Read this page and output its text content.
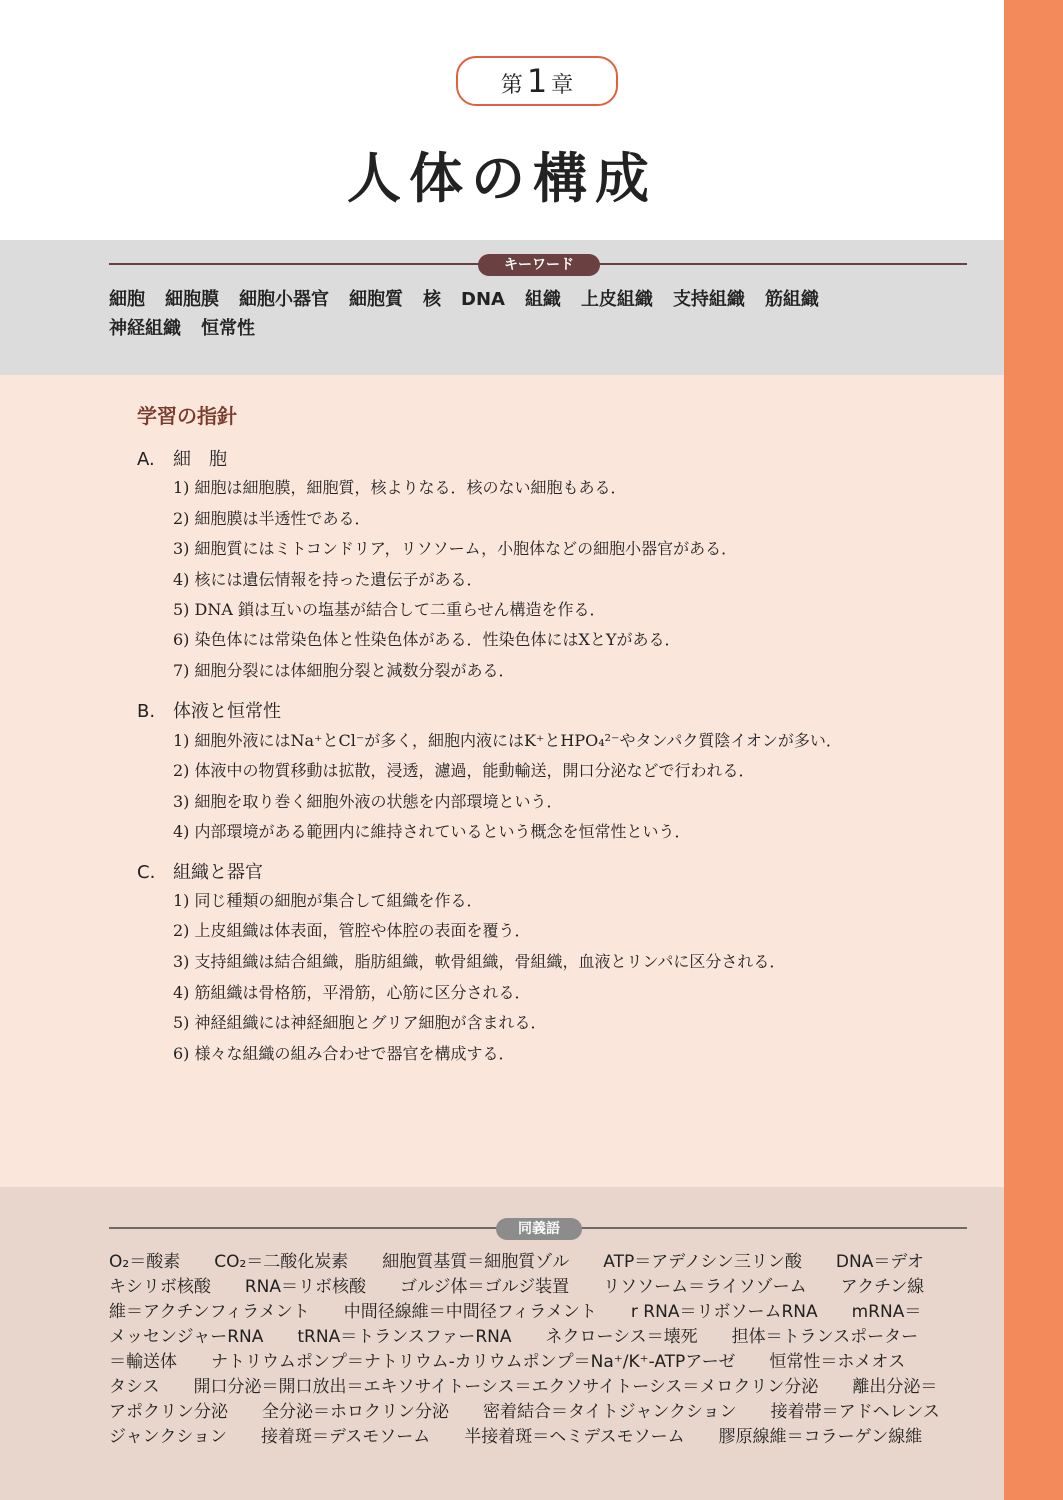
第 1 章
人体の構成
キーワード
細胞 細胞膜 細胞小器官 細胞質 核 DNA 組織 上皮組織 支持組織 筋組織
神経組織 恒常性
学習の指針
A. 細　胞
1) 細胞は細胞膜，細胞質，核よりなる．核のない細胞もある．
2) 細胞膜は半透性である．
3) 細胞質にはミトコンドリア，リソソーム，小胞体などの細胞小器官がある．
4) 核には遺伝情報を持った遺伝子がある．
5) DNA 鎖は互いの塩基が結合して二重らせん構造を作る．
6) 染色体には常染色体と性染色体がある．性染色体にはXとYがある．
7) 細胞分裂には体細胞分裂と減数分裂がある．
B. 体液と恒常性
1) 細胞外液にはNa⁺とCl⁻が多く，細胞内液にはK⁺とHPO₄²⁻やタンパク質陰イオンが多い．
2) 体液中の物質移動は拡散，浸透，濾過，能動輸送，開口分泌などで行われる．
3) 細胞を取り巻く細胞外液の状態を内部環境という．
4) 内部環境がある範囲内に維持されているという概念を恒常性という．
C. 組織と器官
1) 同じ種類の細胞が集合して組織を作る．
2) 上皮組織は体表面，管腔や体腔の表面を覆う．
3) 支持組織は結合組織，脂肪組織，軟骨組織，骨組織，血液とリンパに区分される．
4) 筋組織は骨格筋，平滑筋，心筋に区分される．
5) 神経組織には神経細胞とグリア細胞が含まれる．
6) 様々な組織の組み合わせで器官を構成する．
同義語
O₂＝酸素　　CO₂＝二酸化炭素　　細胞質基質＝細胞質ゾル　　ATP＝アデノシン三リン酸　　DNA＝デオ
キシリボ核酸　　RNA＝リボ核酸　　ゴルジ体＝ゴルジ装置　　リソソーム＝ライソゾーム　　アクチン線
維＝アクチンフィラメント　　中間径線維＝中間径フィラメント　　r RNA＝リボソームRNA　　mRNA＝
メッセンジャーRNA　　tRNA＝トランスファーRNA　　ネクローシス＝壊死　　担体＝トランスポーター
＝輸送体　　ナトリウムポンプ＝ナトリウム-カリウムポンプ＝Na⁺/K⁺-ATPアーゼ　　恒常性＝ホメオス
タシス　　開口分泌＝開口放出＝エキソサイトーシス＝エクソサイトーシス＝メロクリン分泌　　離出分泌＝
アポクリン分泌　　全分泌＝ホロクリン分泌　　密着結合＝タイトジャンクション　　接着帯＝アドヘレンス
ジャンクション　　接着斑＝デスモソーム　　半接着斑＝ヘミデスモソーム　　膠原線維＝コラーゲン線維
